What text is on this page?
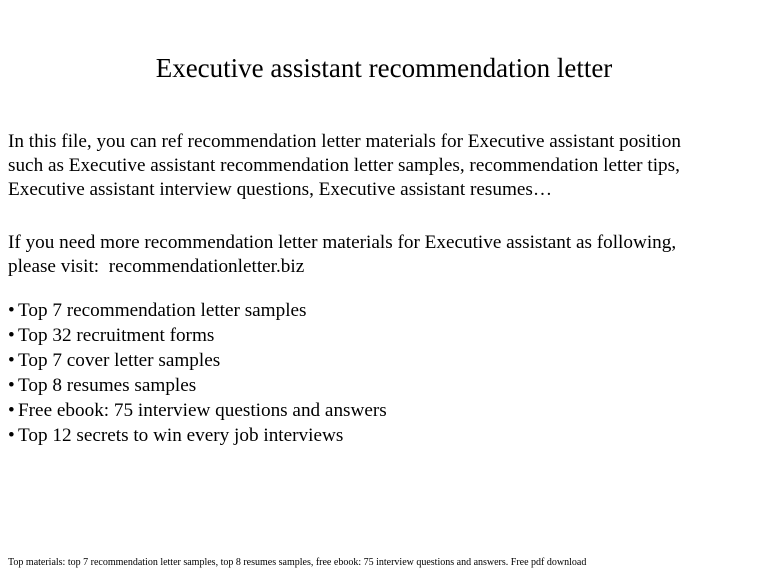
Executive assistant recommendation letter

In this file, you can ref recommendation letter materials for Executive assistant position
such as Executive assistant recommendation letter samples, recommendation letter tips,
Executive assistant interview questions, Executive assistant resumes…

If you need more recommendation letter materials for Executive assistant as following,
please visit:  recommendationletter.biz

• Top 7 recommendation letter samples
• Top 32 recruitment forms
• Top 7 cover letter samples
• Top 8 resumes samples
• Free ebook: 75 interview questions and answers
• Top 12 secrets to win every job interviews

Top materials: top 7 recommendation letter samples, top 8 resumes samples, free ebook: 75 interview questions and answers. Free pdf download
